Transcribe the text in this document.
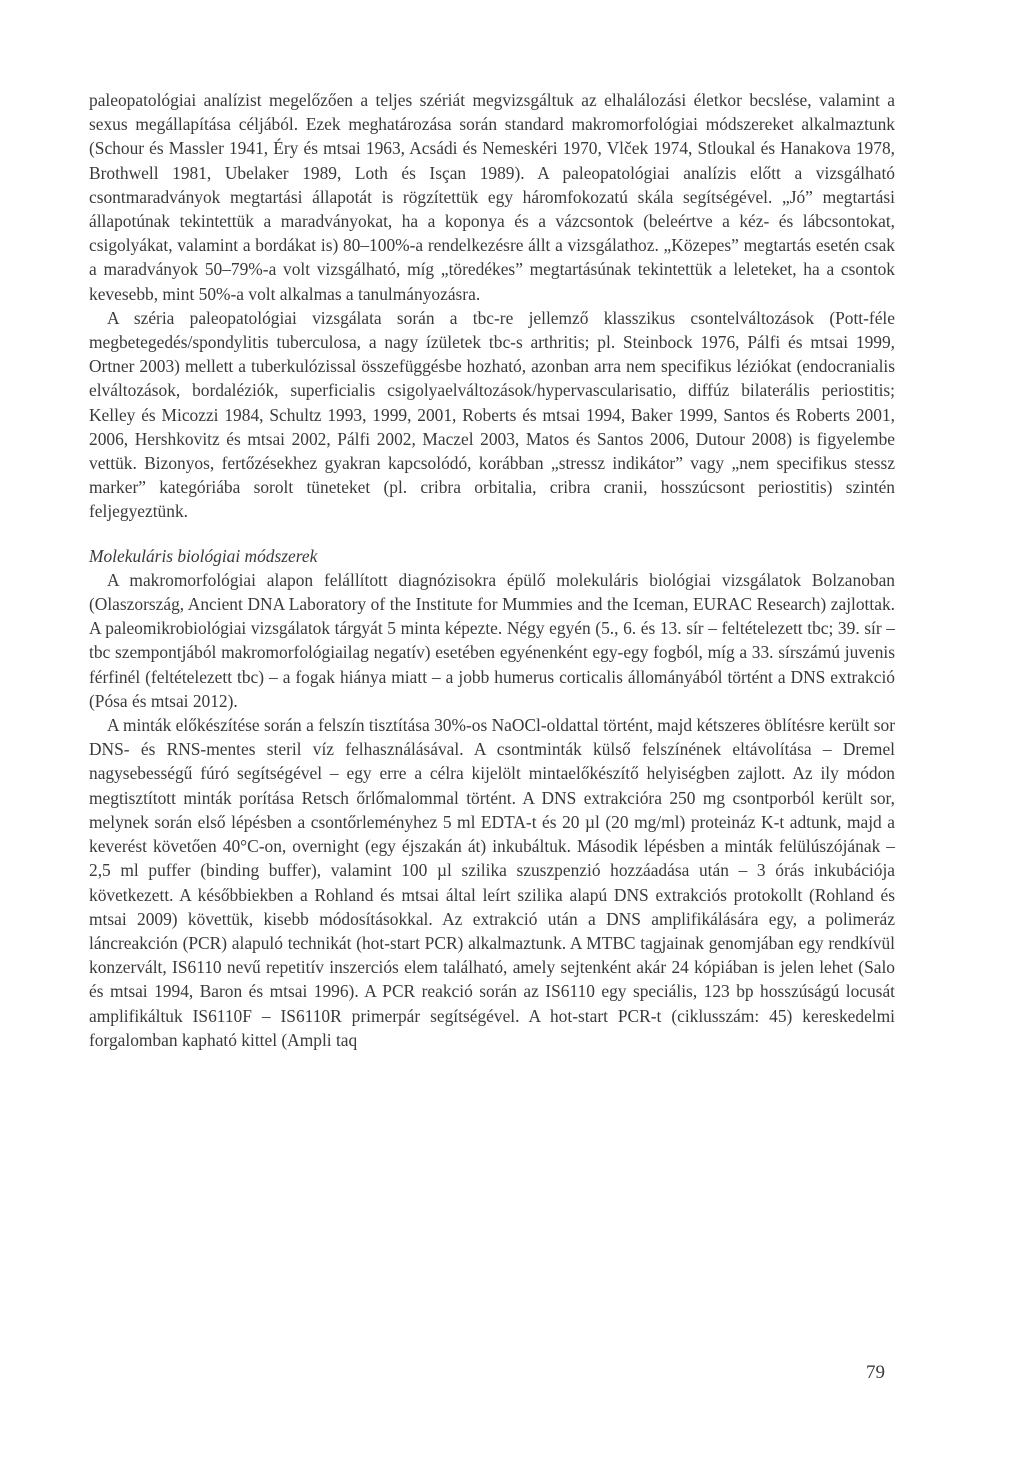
paleopatológiai analízist megelőzően a teljes szériát megvizsgáltuk az elhalálozási életkor becslése, valamint a sexus megállapítása céljából. Ezek meghatározása során standard makromorfológiai módszereket alkalmaztunk (Schour és Massler 1941, Éry és mtsai 1963, Acsádi és Nemeskéri 1970, Vlček 1974, Stloukal és Hanakova 1978, Brothwell 1981, Ubelaker 1989, Loth és Isçan 1989). A paleopatológiai analízis előtt a vizsgálható csontmaradványok megtartási állapotát is rögzítettük egy háromfokozatú skála segítségével. „Jó” megtartási állapotúnak tekintettük a maradványokat, ha a koponya és a vázcsontok (beleértve a kéz- és lábcsontokat, csigolyákat, valamint a bordákat is) 80–100%-a rendelkezésre állt a vizsgálathoz. „Közepes” megtartás esetén csak a maradványok 50–79%-a volt vizsgálható, míg „töredékes” megtartásúnak tekintettük a leleteket, ha a csontok kevesebb, mint 50%-a volt alkalmas a tanulmányozásra.

A széria paleopatológiai vizsgálata során a tbc-re jellemző klasszikus csontelváltozások (Pott-féle megbetegedés/spondylitis tuberculosa, a nagy ízületek tbc-s arthritis; pl. Steinbock 1976, Pálfi és mtsai 1999, Ortner 2003) mellett a tuberkulózissal összefüggésbe hozható, azonban arra nem specifikus léziókat (endocranialis elváltozások, bordaléziók, superficialis csigolyaelváltozások/hypervascularisatio, diffúz bilaterális periostitis; Kelley és Micozzi 1984, Schultz 1993, 1999, 2001, Roberts és mtsai 1994, Baker 1999, Santos és Roberts 2001, 2006, Hershkovitz és mtsai 2002, Pálfi 2002, Maczel 2003, Matos és Santos 2006, Dutour 2008) is figyelembe vettük. Bizonyos, fertőzésekhez gyakran kapcsolódó, korábban „stressz indikátor” vagy „nem specifikus stessz marker” kategóriába sorolt tüneteket (pl. cribra orbitalia, cribra cranii, hosszúcsont periostitis) szintén feljegyeztünk.

Molekuláris biológiai módszerek

A makromorfológiai alapon felállított diagnózisokra épülő molekuláris biológiai vizsgálatok Bolzanoban (Olaszország, Ancient DNA Laboratory of the Institute for Mummies and the Iceman, EURAC Research) zajlottak. A paleomikrobiológiai vizsgálatok tárgyát 5 minta képezte. Négy egyén (5., 6. és 13. sír – feltételezett tbc; 39. sír – tbc szempontjából makromorfológiailag negatív) esetében egyénenként egy-egy fogból, míg a 33. sírszámú juvenis férfinél (feltételezett tbc) – a fogak hiánya miatt – a jobb humerus corticalis állományából történt a DNS extrakció (Pósa és mtsai 2012).

A minták előkészítése során a felszín tisztítása 30%-os NaOCl-oldattal történt, majd kétszeres öblítésre került sor DNS- és RNS-mentes steril víz felhasználásával. A csontminták külső felszínének eltávolítása – Dremel nagysebességű fúró segítségével – egy erre a célra kijelölt mintaelőkészítő helyiségben zajlott. Az ily módon megtisztított minták porítása Retsch őrlőmalommal történt. A DNS extrakcióra 250 mg csontporból került sor, melynek során első lépésben a csontőrleményhez 5 ml EDTA-t és 20 µl (20 mg/ml) proteináz K-t adtunk, majd a keverést követően 40°C-on, overnight (egy éjszakán át) inkubáltuk. Második lépésben a minták felülúszójának – 2,5 ml puffer (binding buffer), valamint 100 µl szilika szuszpenzió hozzáadása után – 3 órás inkubációja következett. A későbbiekben a Rohland és mtsai által leírt szilika alapú DNS extrakciós protokollt (Rohland és mtsai 2009) követtük, kisebb módosításokkal. Az extrakció után a DNS amplifikálására egy, a polimeráz láncreakción (PCR) alapuló technikát (hot-start PCR) alkalmaztunk. A MTBC tagjainak genomjában egy rendkívül konzervált, IS6110 nevű repetitív inszerciós elem található, amely sejtenként akár 24 kópiában is jelen lehet (Salo és mtsai 1994, Baron és mtsai 1996). A PCR reakció során az IS6110 egy speciális, 123 bp hosszúságú locusát amplifikáltuk IS6110F – IS6110R primerpár segítségével. A hot-start PCR-t (ciklusszám: 45) kereskedelmi forgalomban kapható kittel (Ampli taq

79
